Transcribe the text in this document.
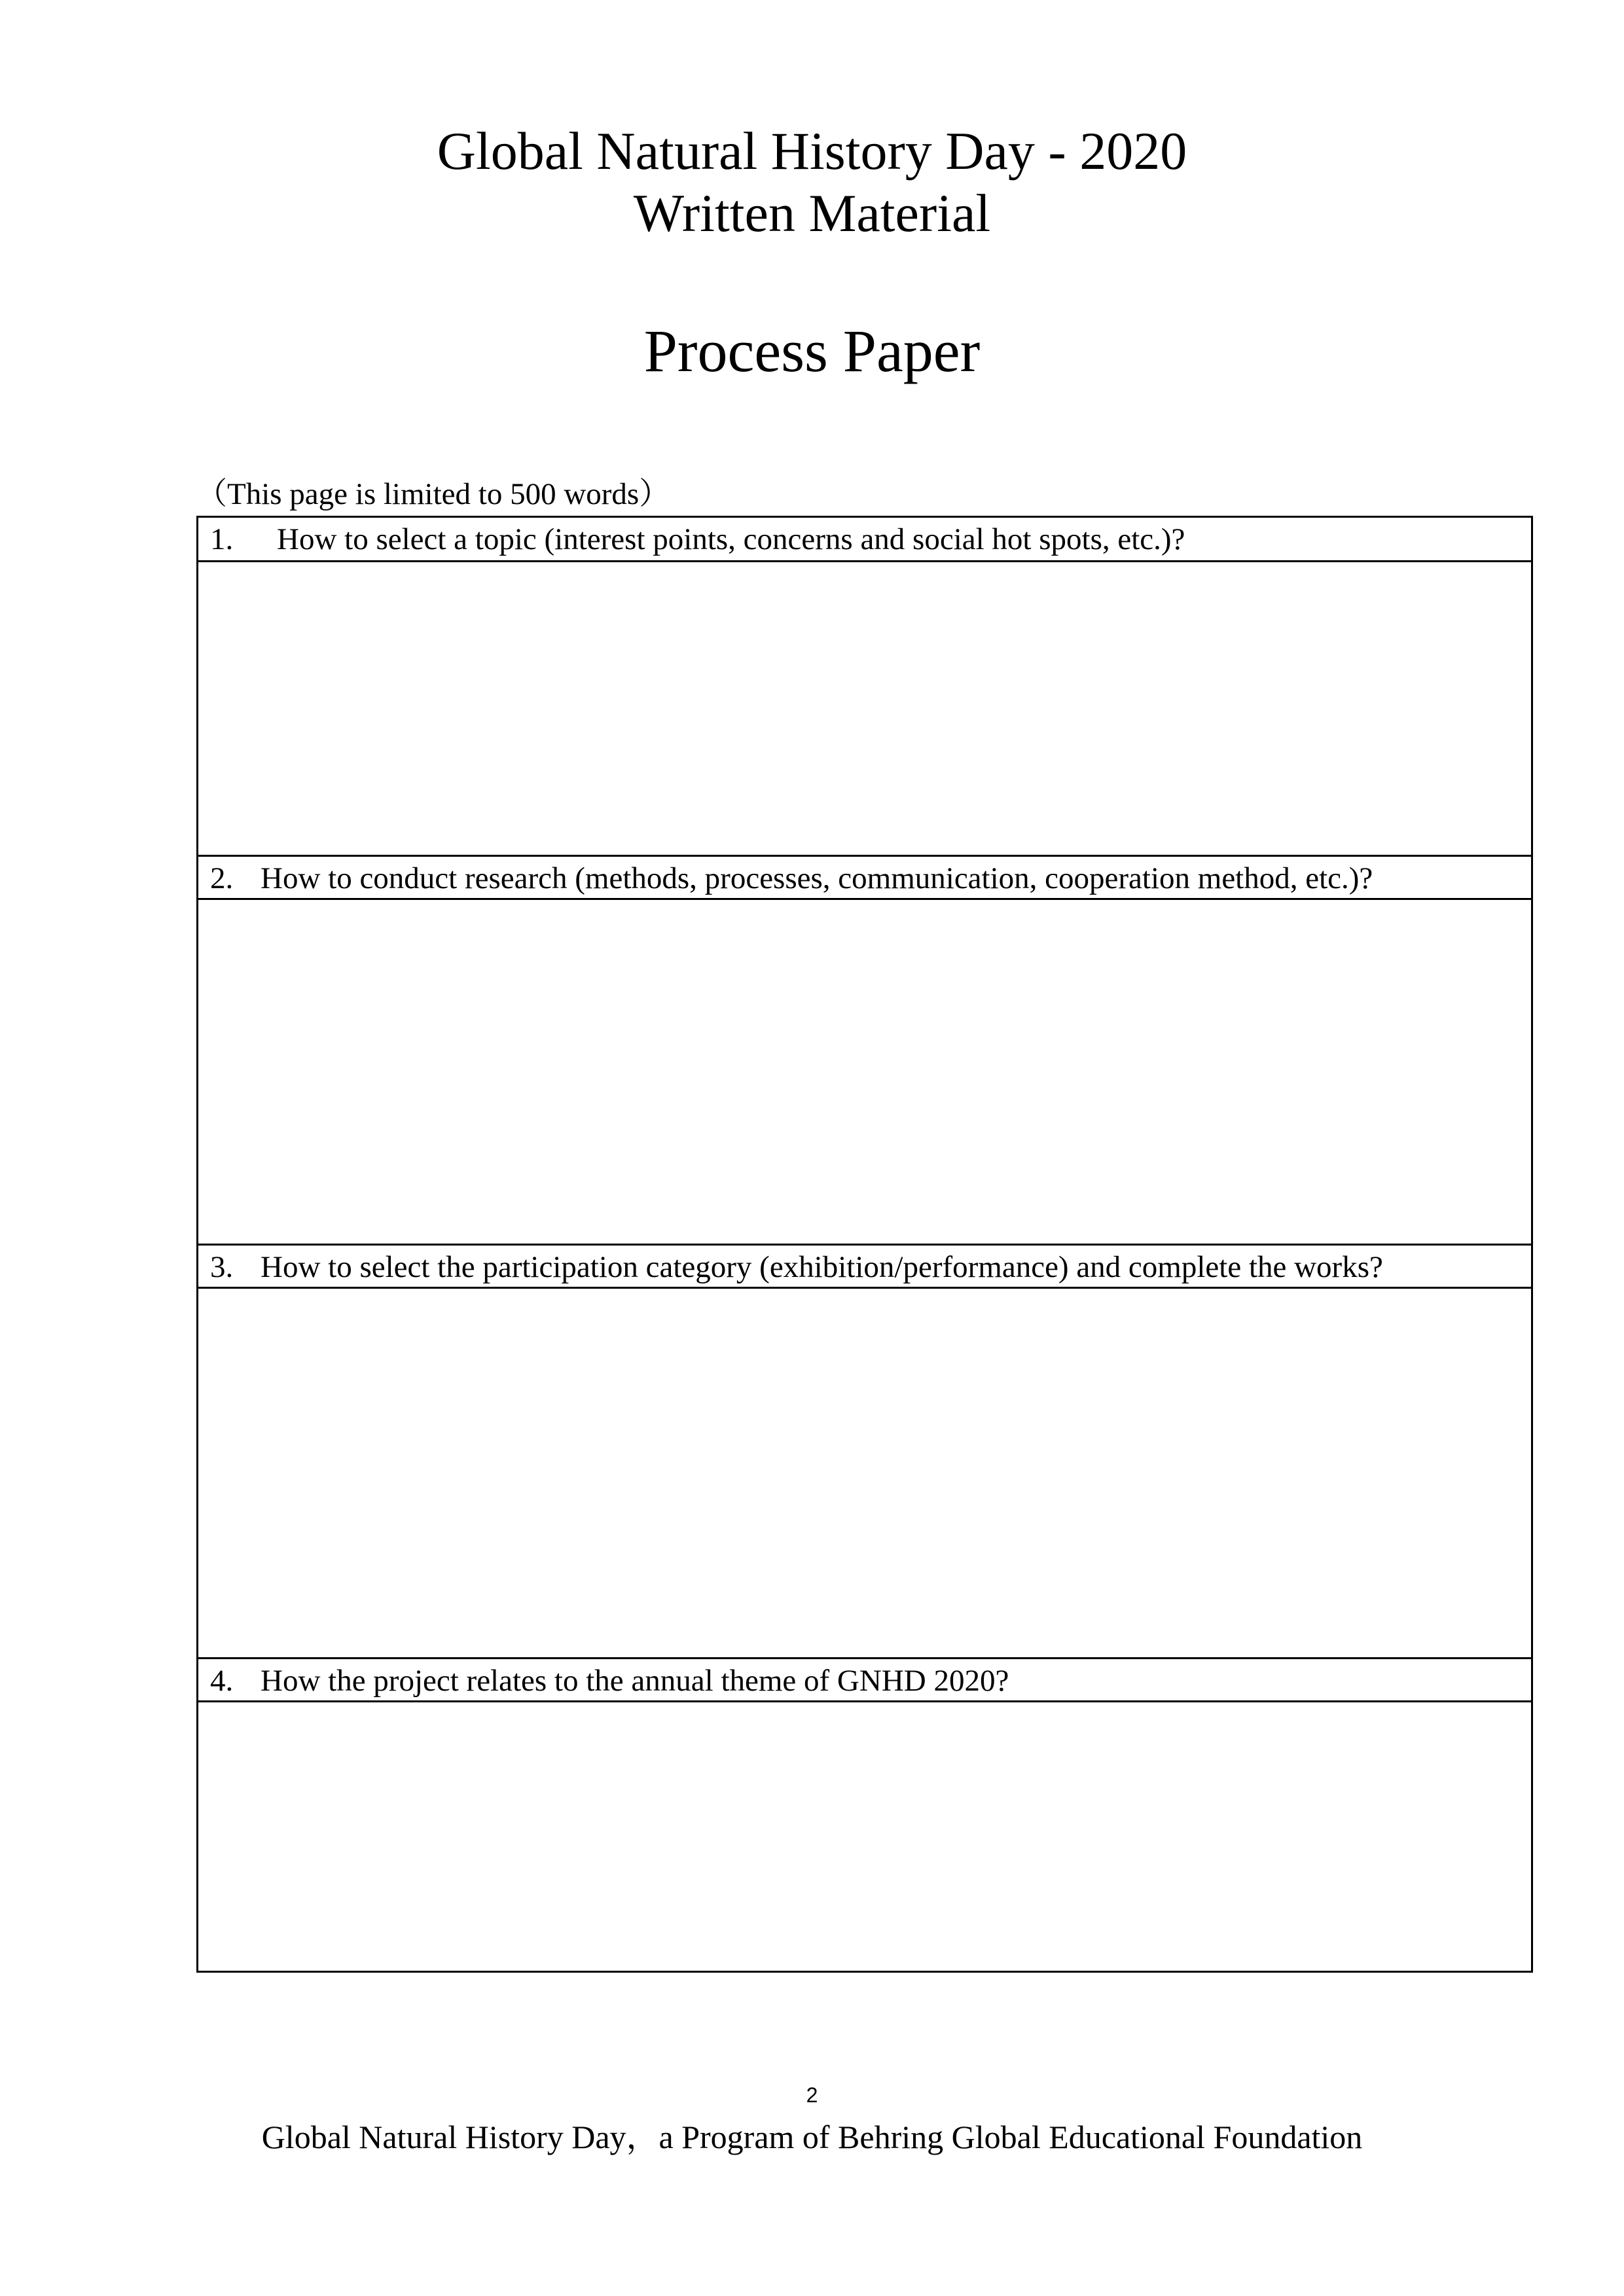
Global Natural History Day - 2020
Written Material
Process Paper
（This page is limited to 500 words）
1. How to select a topic (interest points, concerns and social hot spots, etc.)?
2. How to conduct research (methods, processes, communication, cooperation method, etc.)?
3. How to select the participation category (exhibition/performance) and complete the works?
4. How the project relates to the annual theme of GNHD 2020?
2
Global Natural History Day，a Program of Behring Global Educational Foundation
